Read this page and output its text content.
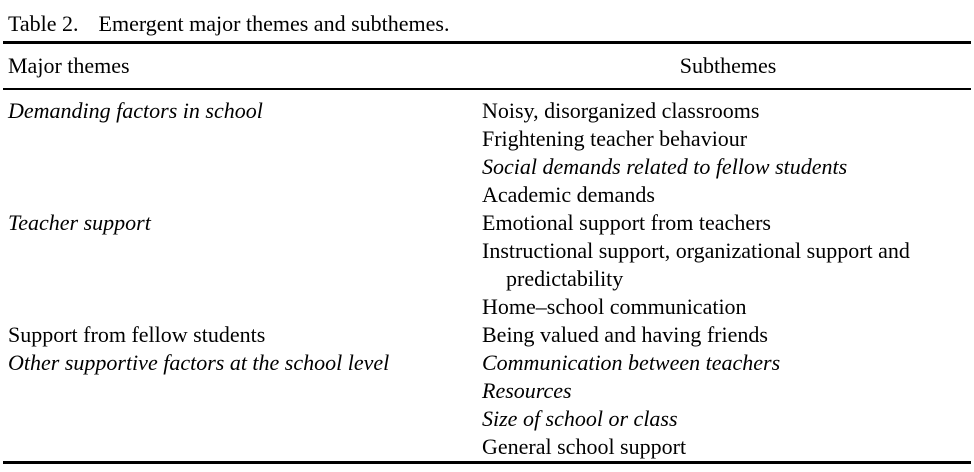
Table 2. Emergent major themes and subthemes.
Major themes	Subthemes
Demanding factors in school	Noisy, disorganized classrooms
Frightening teacher behaviour
Social demands related to fellow students
Academic demands
Teacher support	Emotional support from teachers
Instructional support, organizational support and predictability
Home–school communication
Support from fellow students	Being valued and having friends
Other supportive factors at the school level	Communication between teachers
Resources
Size of school or class
General school support
